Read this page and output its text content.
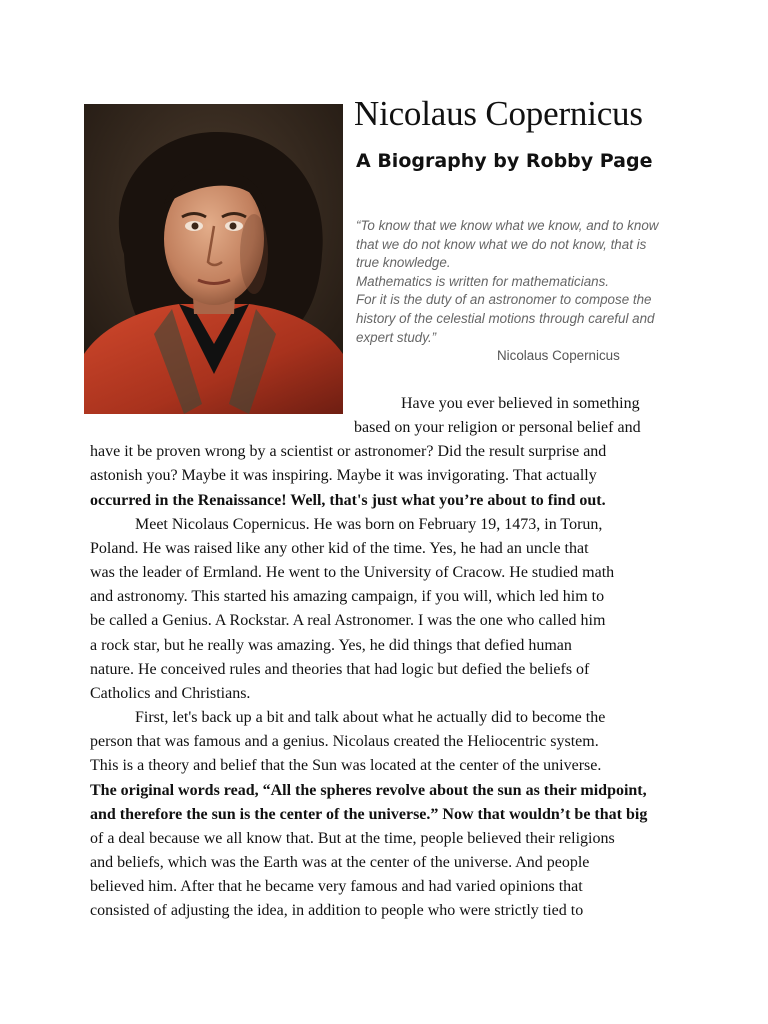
Nicolaus Copernicus
A Biography by Robby Page
“To know that we know what we know, and to know
that we do not know what we do not know, that is
true knowledge.
Mathematics is written for mathematicians.
For it is the duty of an astronomer to compose the
history of the celestial motions through careful and
expert study.”
Nicolaus Copernicus
Have you ever believed in something
based on your religion or personal belief and
have it be proven wrong by a scientist or astronomer? Did the result surprise and
astonish you? Maybe it was inspiring. Maybe it was invigorating. That actually
occurred in the Renaissance! Well, that's just what you’re about to find out.
Meet Nicolaus Copernicus. He was born on February 19, 1473, in Torun,
Poland. He was raised like any other kid of the time. Yes, he had an uncle that
was the leader of Ermland. He went to the University of Cracow. He studied math
and astronomy. This started his amazing campaign, if you will, which led him to
be called a Genius. A Rockstar. A real Astronomer. I was the one who called him
a rock star, but he really was amazing. Yes, he did things that defied human
nature. He conceived rules and theories that had logic but defied the beliefs of
Catholics and Christians.
First, let's back up a bit and talk about what he actually did to become the
person that was famous and a genius. Nicolaus created the Heliocentric system.
This is a theory and belief that the Sun was located at the center of the universe.
The original words read, “All the spheres revolve about the sun as their midpoint,
and therefore the sun is the center of the universe.” Now that wouldn’t be that big
of a deal because we all know that. But at the time, people believed their religions
and beliefs, which was the Earth was at the center of the universe. And people
believed him. After that he became very famous and had varied opinions that
consisted of adjusting the idea, in addition to people who were strictly tied to
